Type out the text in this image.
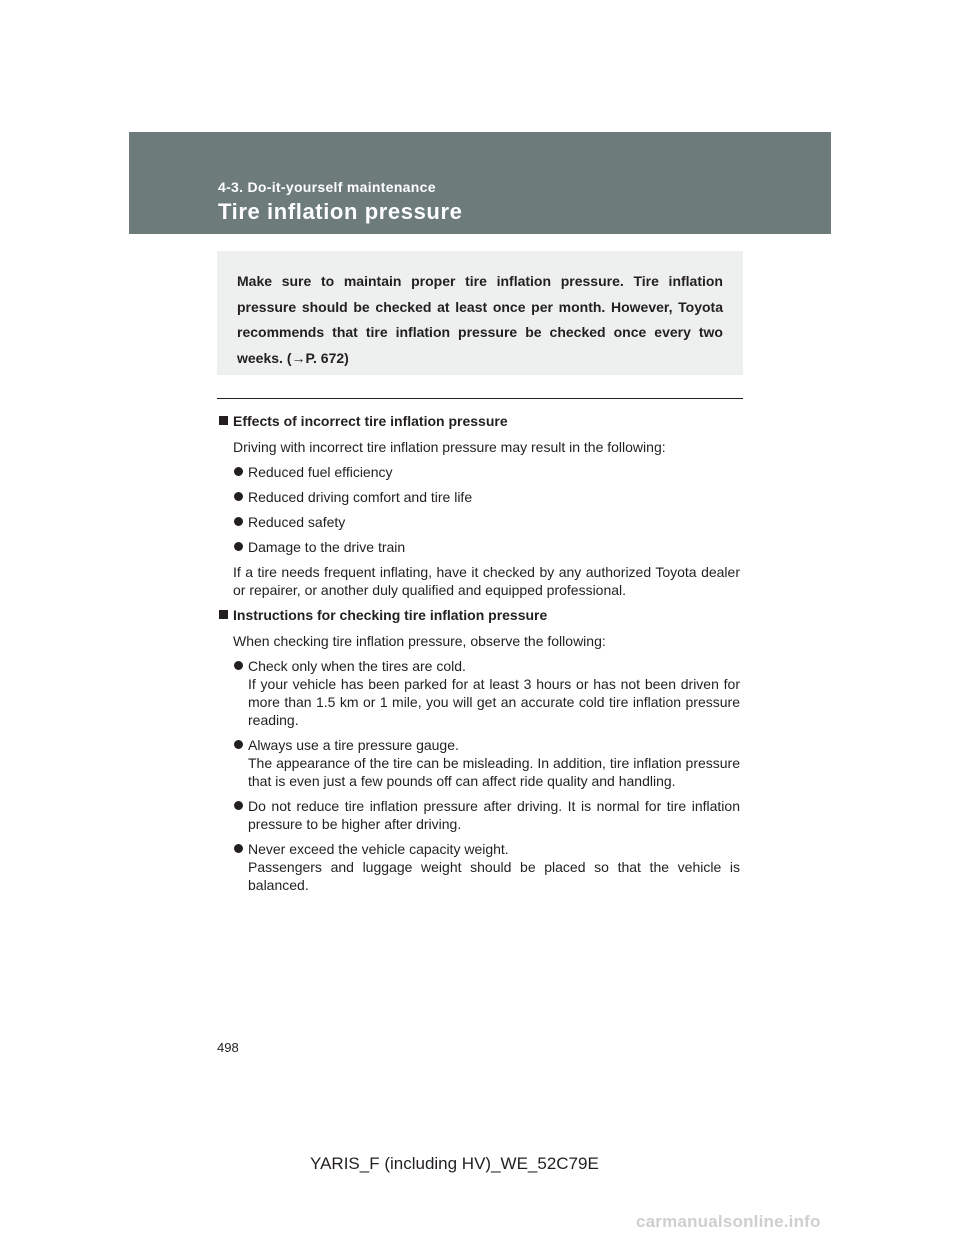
4-3. Do-it-yourself maintenance
Tire inflation pressure
Make sure to maintain proper tire inflation pressure. Tire inflation pressure should be checked at least once per month. However, Toyota recommends that tire inflation pressure be checked once every two weeks. (→P. 672)
Effects of incorrect tire inflation pressure
Driving with incorrect tire inflation pressure may result in the following:
Reduced fuel efficiency
Reduced driving comfort and tire life
Reduced safety
Damage to the drive train
If a tire needs frequent inflating, have it checked by any authorized Toyota dealer or repairer, or another duly qualified and equipped professional.
Instructions for checking tire inflation pressure
When checking tire inflation pressure, observe the following:
Check only when the tires are cold.
If your vehicle has been parked for at least 3 hours or has not been driven for more than 1.5 km or 1 mile, you will get an accurate cold tire inflation pressure reading.
Always use a tire pressure gauge.
The appearance of the tire can be misleading. In addition, tire inflation pressure that is even just a few pounds off can affect ride quality and handling.
Do not reduce tire inflation pressure after driving. It is normal for tire inflation pressure to be higher after driving.
Never exceed the vehicle capacity weight.
Passengers and luggage weight should be placed so that the vehicle is balanced.
498
YARIS_F (including HV)_WE_52C79E
carmanualsonline.info
